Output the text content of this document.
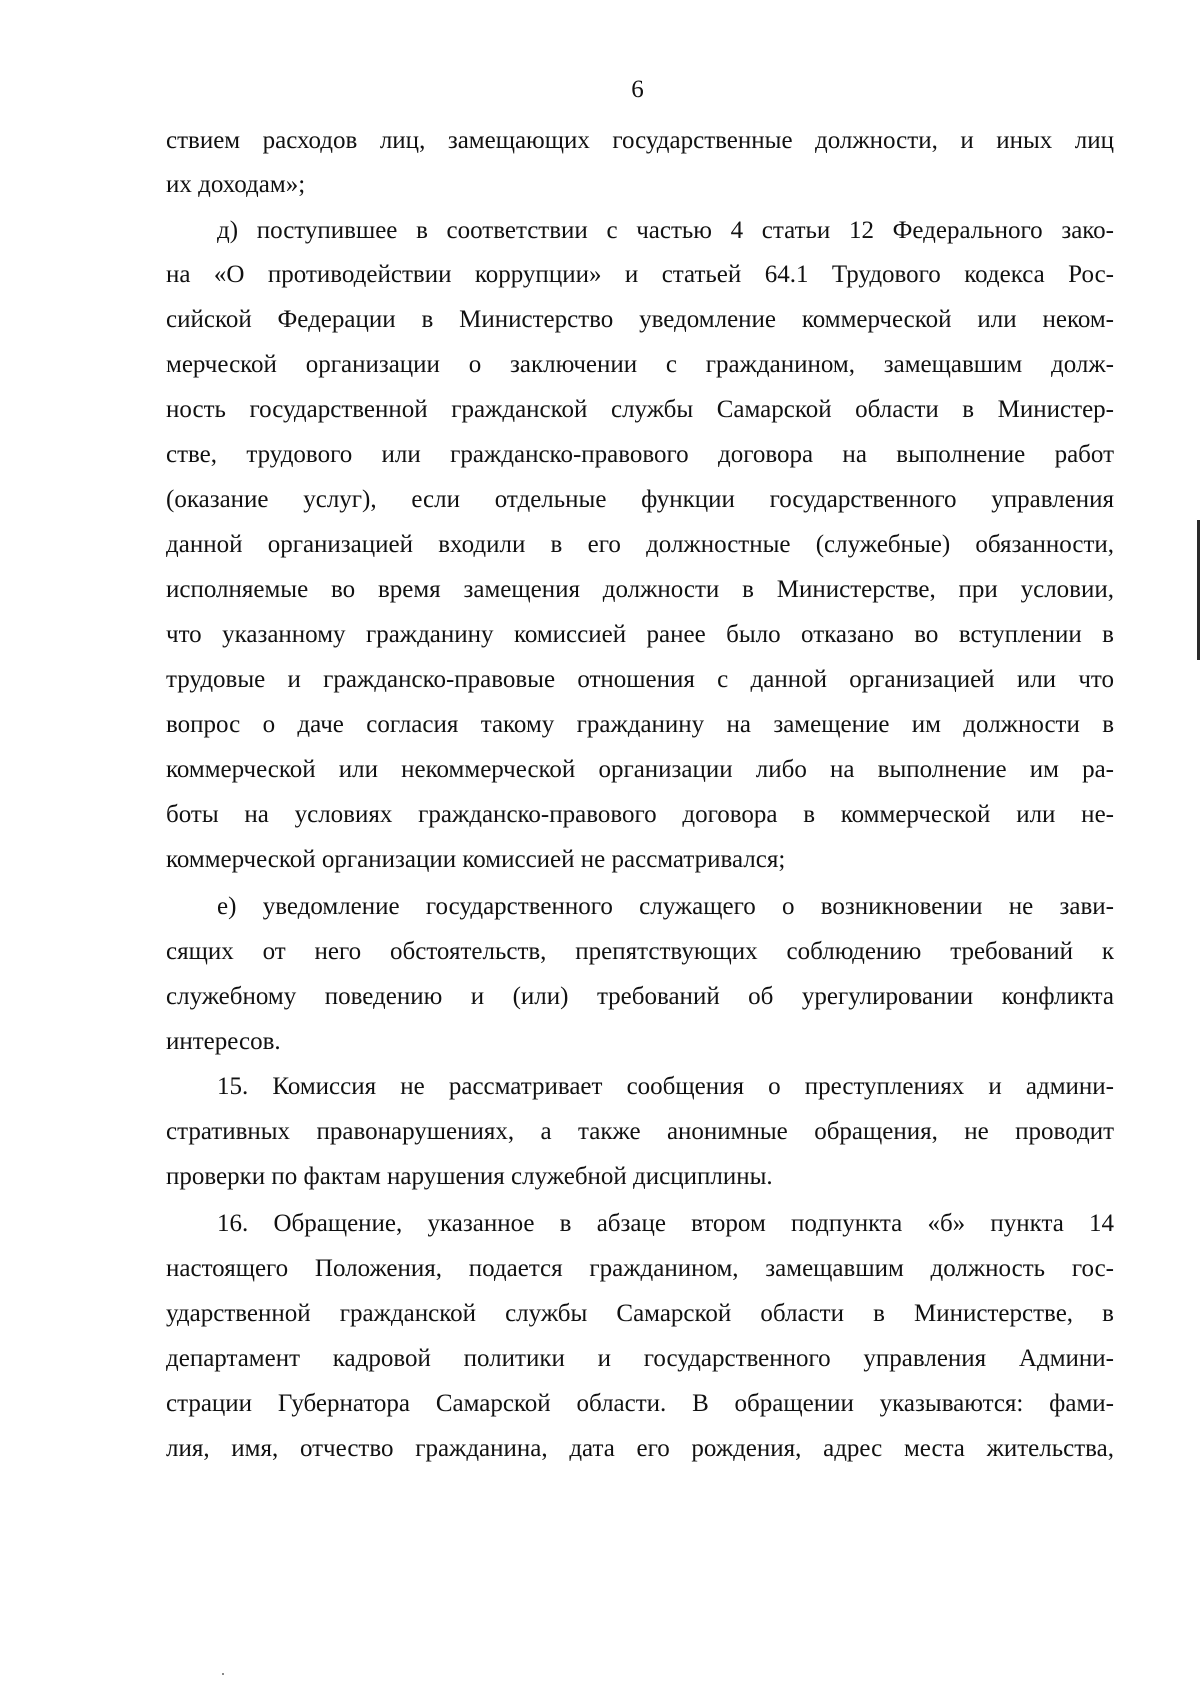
6
ствием расходов лиц, замещающих государственные должности, и иных лиц
их доходам»;
д) поступившее в соответствии с частью 4 статьи 12 Федерального зако-
на «О противодействии коррупции» и статьей 64.1 Трудового кодекса Рос-
сийской Федерации в Министерство уведомление коммерческой или неком-
мерческой организации о заключении с гражданином, замещавшим долж-
ность государственной гражданской службы Самарской области в Министер-
стве, трудового или гражданско-правового договора на выполнение работ
(оказание услуг), если отдельные функции государственного управления
данной организацией входили в его должностные (служебные) обязанности,
исполняемые во время замещения должности в Министерстве, при условии,
что указанному гражданину комиссией ранее было отказано во вступлении в
трудовые и гражданско-правовые отношения с данной организацией или что
вопрос о даче согласия такому гражданину на замещение им должности в
коммерческой или некоммерческой организации либо на выполнение им ра-
боты на условиях гражданско-правового договора в коммерческой или не-
коммерческой организации комиссией не рассматривался;
е) уведомление государственного служащего о возникновении не зави-
сящих от него обстоятельств, препятствующих соблюдению требований к
служебному поведению и (или) требований об урегулировании конфликта
интересов.
15. Комиссия не рассматривает сообщения о преступлениях и админи-
стративных правонарушениях, а также анонимные обращения, не проводит
проверки по фактам нарушения служебной дисциплины.
16. Обращение, указанное в абзаце втором подпункта «б» пункта 14
настоящего Положения, подается гражданином, замещавшим должность гос-
ударственной гражданской службы Самарской области в Министерстве, в
департамент кадровой политики и государственного управления Админи-
страции Губернатора Самарской области. В обращении указываются: фами-
лия, имя, отчество гражданина, дата его рождения, адрес места жительства,
